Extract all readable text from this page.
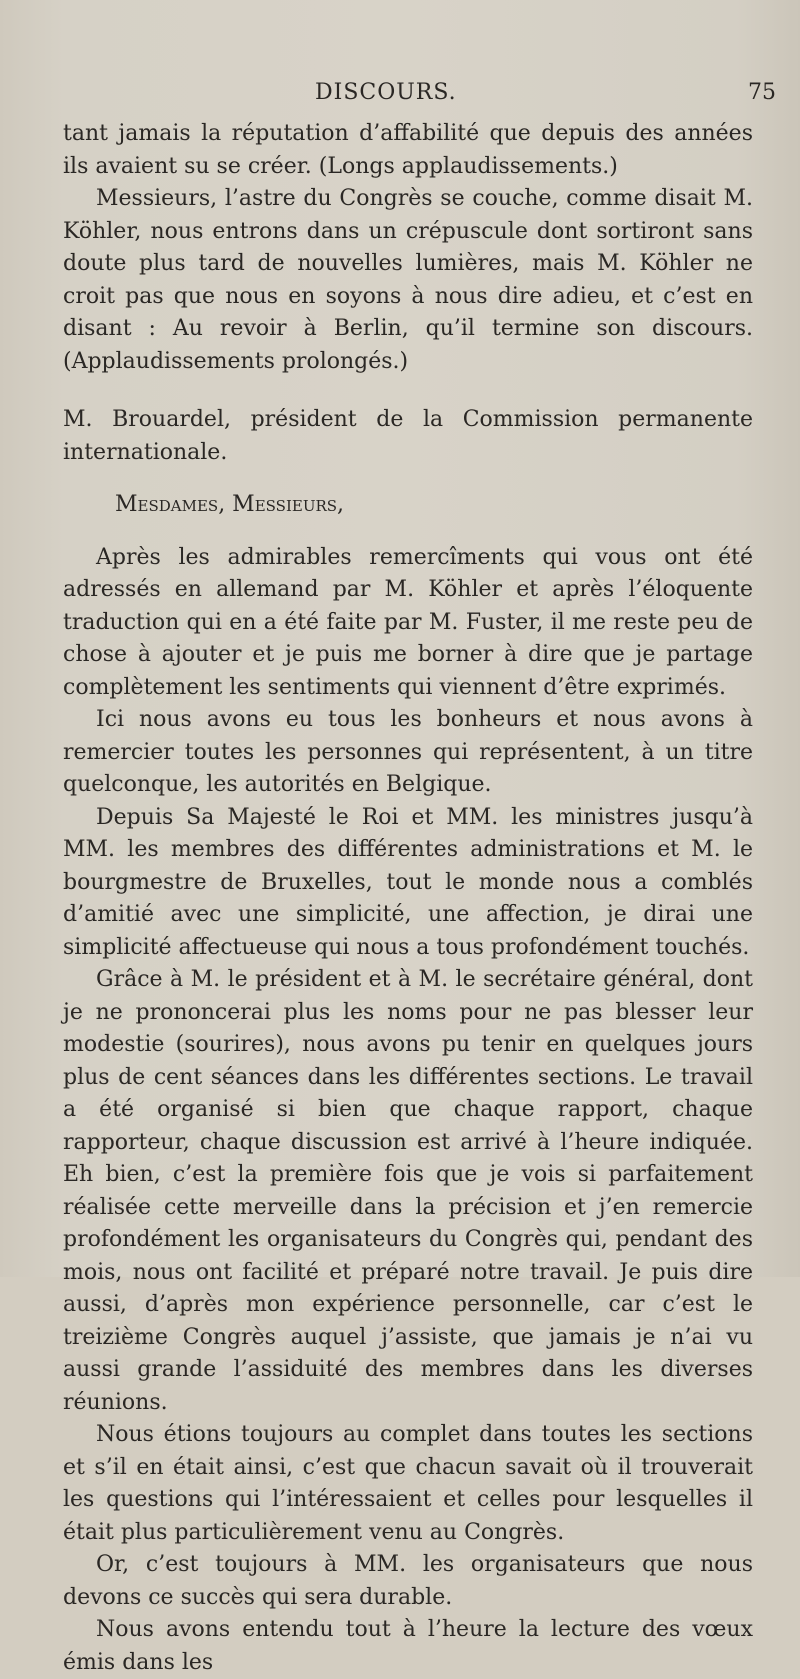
DISCOURS.	75

tant jamais la réputation d’affabilité que depuis des années ils avaient su se créer. (Longs applaudissements.)

Messieurs, l’astre du Congrès se couche, comme disait M. Köhler, nous entrons dans un crépuscule dont sortiront sans doute plus tard de nouvelles lumières, mais M. Köhler ne croit pas que nous en soyons à nous dire adieu, et c’est en disant : Au revoir à Berlin, qu’il termine son discours. (Applaudissements prolongés.)

M. Brouardel, président de la Commission permanente internationale.

Mesdames, Messieurs,

Après les admirables remercîments qui vous ont été adressés en allemand par M. Köhler et après l’éloquente traduction qui en a été faite par M. Fuster, il me reste peu de chose à ajouter et je puis me borner à dire que je partage complètement les sentiments qui viennent d’être exprimés.

Ici nous avons eu tous les bonheurs et nous avons à remercier toutes les personnes qui représentent, à un titre quelconque, les autorités en Belgique.

Depuis Sa Majesté le Roi et MM. les ministres jusqu’à MM. les membres des différentes administrations et M. le bourgmestre de Bruxelles, tout le monde nous a comblés d’amitié avec une simplicité, une affection, je dirai une simplicité affectueuse qui nous a tous profondément touchés.

Grâce à M. le président et à M. le secrétaire général, dont je ne prononcerai plus les noms pour ne pas blesser leur modestie (sourires), nous avons pu tenir en quelques jours plus de cent séances dans les différentes sections. Le travail a été organisé si bien que chaque rapport, chaque rapporteur, chaque discussion est arrivé à l’heure indiquée. Eh bien, c’est la première fois que je vois si parfaitement réalisée cette merveille dans la précision et j’en remercie profondément les organisateurs du Congrès qui, pendant des mois, nous ont facilité et préparé notre travail. Je puis dire aussi, d’après mon expérience personnelle, car c’est le treizième Congrès auquel j’assiste, que jamais je n’ai vu aussi grande l’assiduité des membres dans les diverses réunions.

Nous étions toujours au complet dans toutes les sections et s’il en était ainsi, c’est que chacun savait où il trouverait les questions qui l’intéressaient et celles pour lesquelles il était plus particulièrement venu au Congrès.

Or, c’est toujours à MM. les organisateurs que nous devons ce succès qui sera durable.

Nous avons entendu tout à l’heure la lecture des vœux émis dans les
